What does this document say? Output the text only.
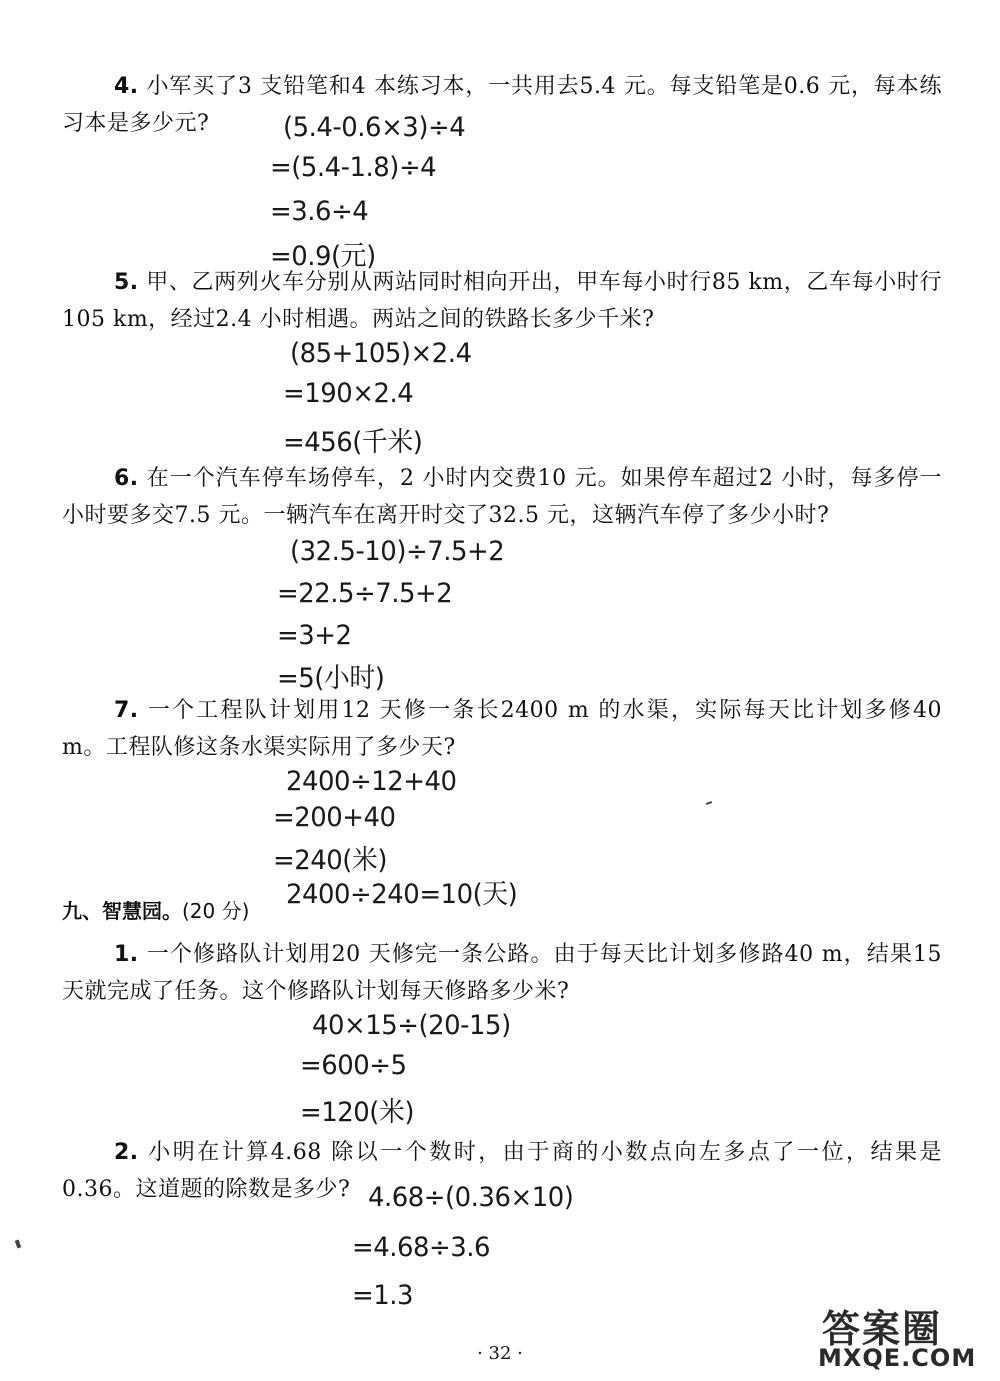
4. 小军买了3 支铅笔和4 本练习本，一共用去5.4 元。每支铅笔是0.6 元，每本练习本是多少元?	(5.4-0.6×3)÷4
=(5.4-1.8)÷4
=3.6÷4
=0.9(元)
5. 甲、乙两列火车分别从两站同时相向开出，甲车每小时行85 km，乙车每小时行105 km，经过2.4 小时相遇。两站之间的铁路长多少千米?
(85+105)×2.4
=190×2.4
=456(千米)
6. 在一个汽车停车场停车，2 小时内交费10 元。如果停车超过2 小时，每多停一小时要多交7.5 元。一辆汽车在离开时交了32.5 元，这辆汽车停了多少小时?
(32.5-10)÷7.5+2
=22.5÷7.5+2
=3+2
=5(小时)
7. 一个工程队计划用12 天修一条长2400 m 的水渠，实际每天比计划多修40 m。工程队修这条水渠实际用了多少天?
2400÷12+40
=200+40
=240(米)
2400÷240=10(天)
九、智慧园。(20 分)
1. 一个修路队计划用20 天修完一条公路。由于每天比计划多修路40 m，结果15 天就完成了任务。这个修路队计划每天修路多少米?
40×15÷(20-15)
=600÷5
=120(米)
2. 小明在计算4.68 除以一个数时，由于商的小数点向左多点了一位，结果是0.36。这道题的除数是多少? 4.68÷(0.36×10)
=4.68÷3.6
=1.3
· 32 ·
答案圈
MXQE.COM
